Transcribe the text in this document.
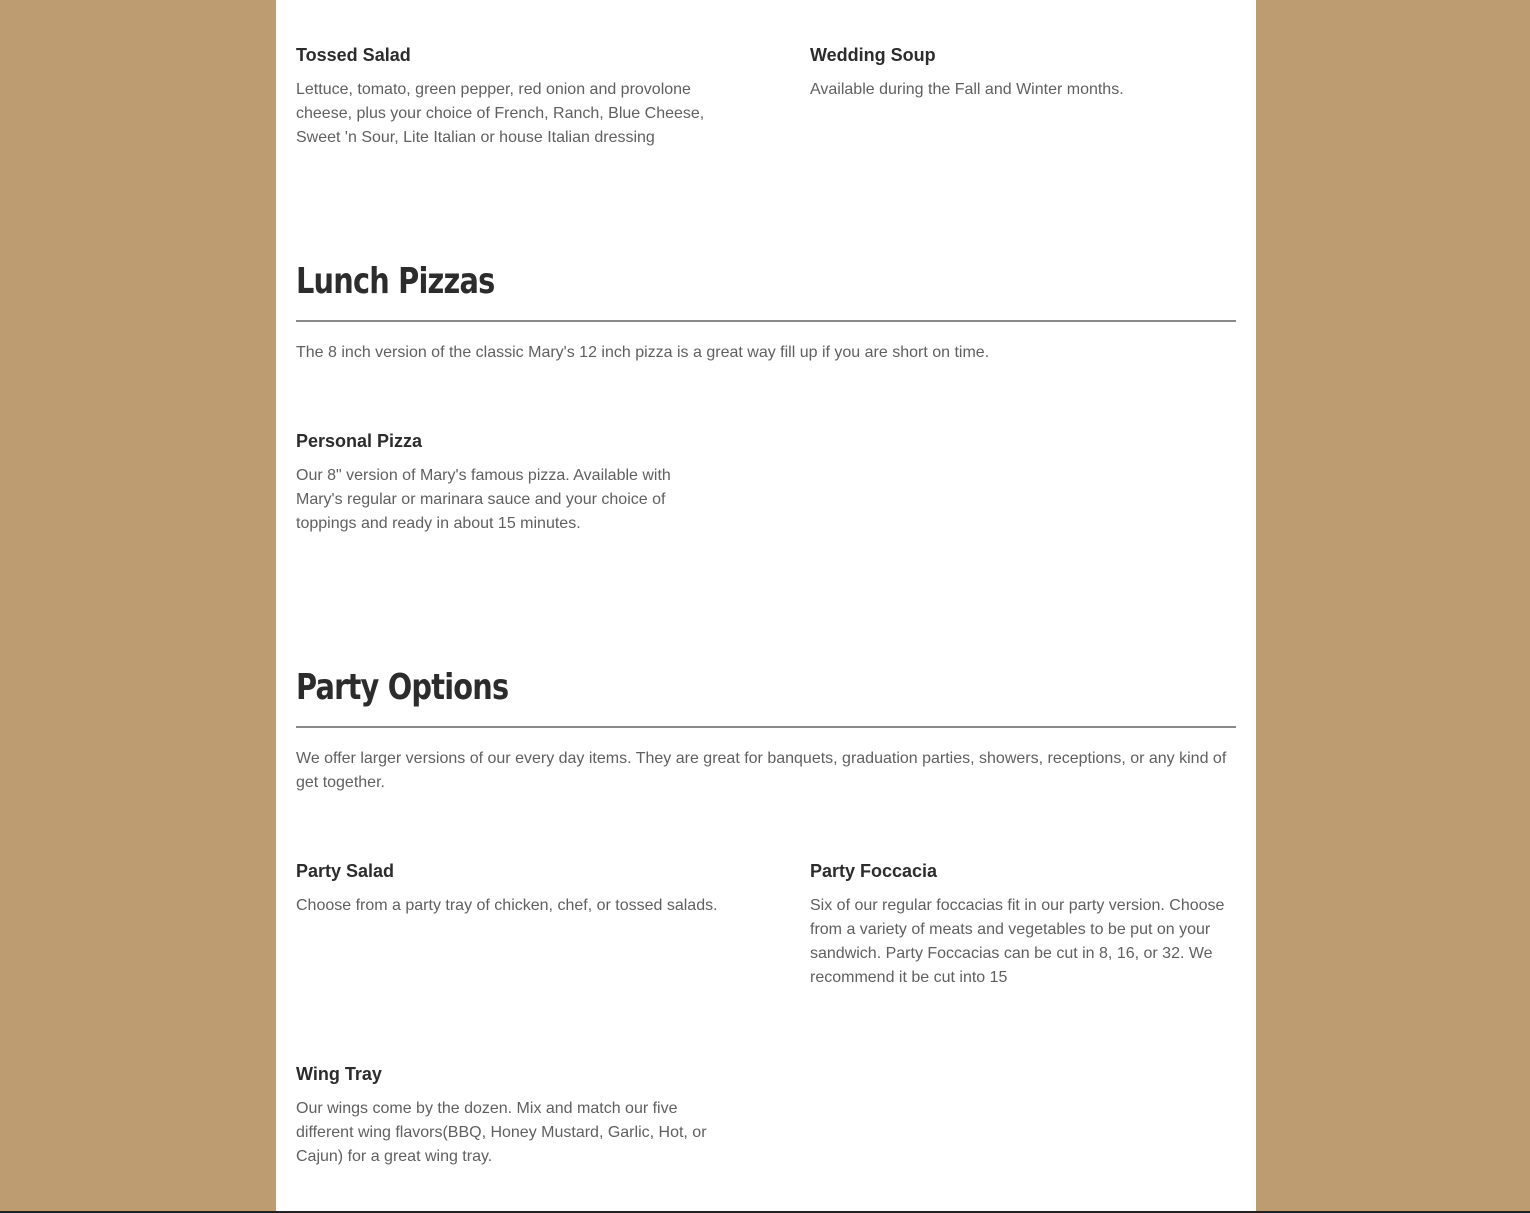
Tossed Salad

Lettuce, tomato, green pepper, red onion and provolone cheese, plus your choice of French, Ranch, Blue Cheese, Sweet 'n Sour, Lite Italian or house Italian dressing

Wedding Soup

Available during the Fall and Winter months.

Lunch Pizzas

The 8 inch version of the classic Mary's 12 inch pizza is a great way fill up if you are short on time.

Personal Pizza

Our 8" version of Mary's famous pizza. Available with Mary's regular or marinara sauce and your choice of toppings and ready in about 15 minutes.

Party Options

We offer larger versions of our every day items. They are great for banquets, graduation parties, showers, receptions, or any kind of get together.

Party Salad

Choose from a party tray of chicken, chef, or tossed salads.

Party Foccacia

Six of our regular foccacias fit in our party version. Choose from a variety of meats and vegetables to be put on your sandwich. Party Foccacias can be cut in 8, 16, or 32. We recommend it be cut into 15

Wing Tray

Our wings come by the dozen. Mix and match our five different wing flavors(BBQ, Honey Mustard, Garlic, Hot, or Cajun) for a great wing tray.
